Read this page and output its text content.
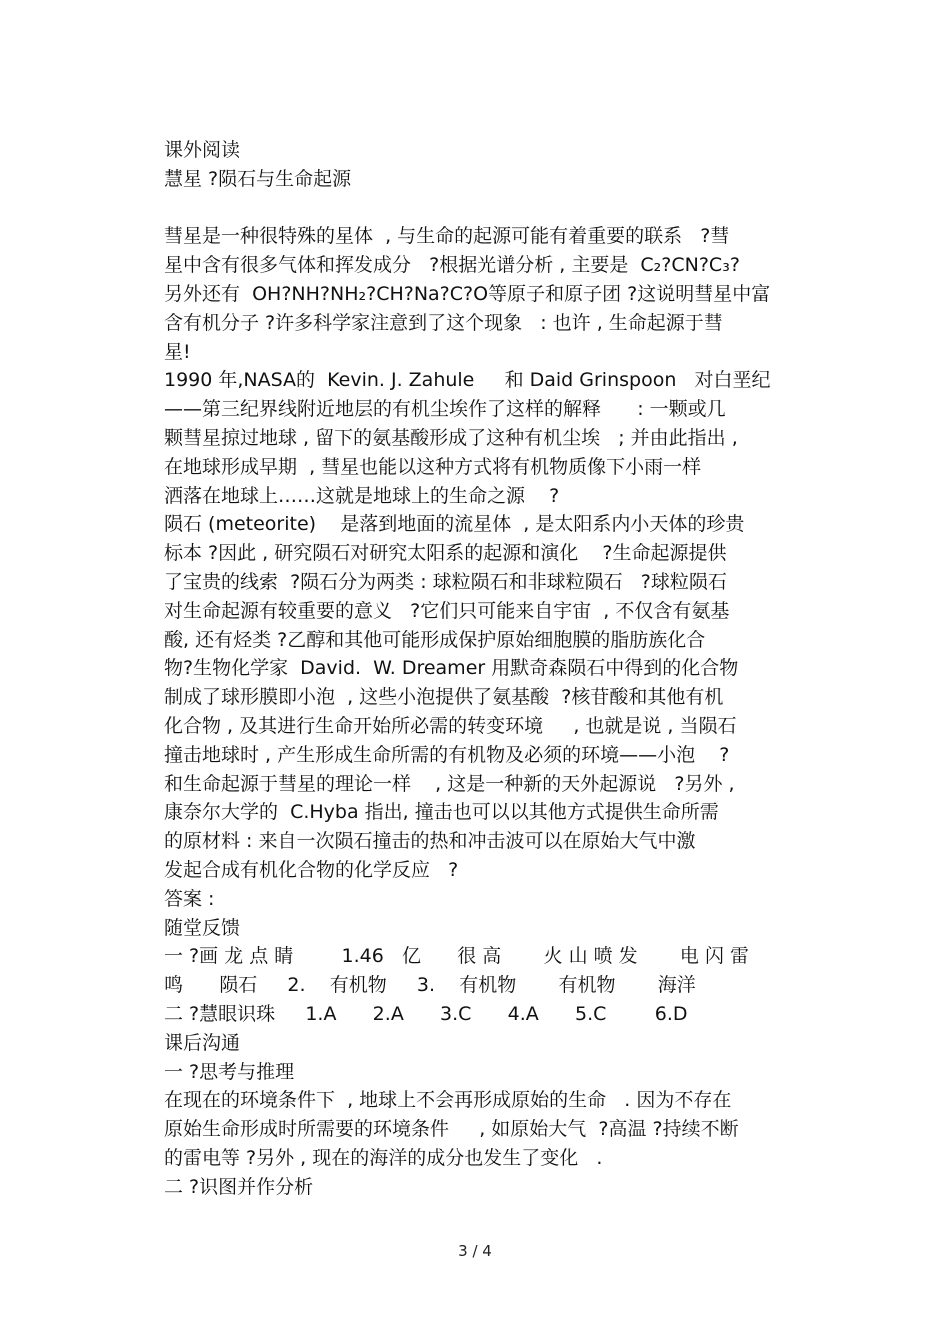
课外阅读
慧星 ?陨石与生命起源
彗星是一种很特殊的星体  , 与生命的起源可能有着重要的联系   ?彗
星中含有很多气体和挥发成分   ?根据光谱分析 , 主要是  C₂?CN?C₃?
另外还有  OH?NH?NH₂?CH?Na?C?O等原子和原子团 ?这说明彗星中富
含有机分子 ?许多科学家注意到了这个现象   : 也许 , 生命起源于彗
星!
1990 年,NASA的  Kevin. J. Zahule     和 Daid Grinspoon   对白垩纪
——第三纪界线附近地层的有机尘埃作了这样的解释      : 一颗或几
颗彗星掠过地球 , 留下的氨基酸形成了这种有机尘埃   ; 并由此指出 ,
在地球形成早期  , 彗星也能以这种方式将有机物质像下小雨一样
洒落在地球上……这就是地球上的生命之源    ?
陨石 (meteorite)    是落到地面的流星体  , 是太阳系内小天体的珍贵
标本 ?因此 , 研究陨石对研究太阳系的起源和演化    ?生命起源提供
了宝贵的线索  ?陨石分为两类 : 球粒陨石和非球粒陨石   ?球粒陨石
对生命起源有较重要的意义   ?它们只可能来自宇宙  , 不仅含有氨基
酸, 还有烃类 ?乙醇和其他可能形成保护原始细胞膜的脂肪族化合
物?生物化学家  David.  W. Dreamer 用默奇森陨石中得到的化合物
制成了球形膜即小泡  , 这些小泡提供了氨基酸  ?核苷酸和其他有机
化合物 , 及其进行生命开始所必需的转变环境     , 也就是说 , 当陨石
撞击地球时 , 产生形成生命所需的有机物及必须的环境——小泡    ?
和生命起源于彗星的理论一样    , 这是一种新的天外起源说   ?另外 ,
康奈尔大学的  C.Hyba 指出, 撞击也可以以其他方式提供生命所需
的原材料 : 来自一次陨石撞击的热和冲击波可以在原始大气中激
发起合成有机化合物的化学反应   ?
答案 :
随堂反馈
一 ?画 龙 点 睛        1.46   亿      很 高       火 山 喷 发       电 闪 雷
鸣      陨石     2.    有机物     3.    有机物       有机物       海洋
二 ?慧眼识珠     1.A      2.A      3.C      4.A      5.C        6.D
课后沟通
一 ?思考与推理
在现在的环境条件下  , 地球上不会再形成原始的生命   . 因为不存在
原始生命形成时所需要的环境条件     , 如原始大气  ?高温 ?持续不断
的雷电等 ?另外 , 现在的海洋的成分也发生了变化   .
二 ?识图并作分析
3 / 4
